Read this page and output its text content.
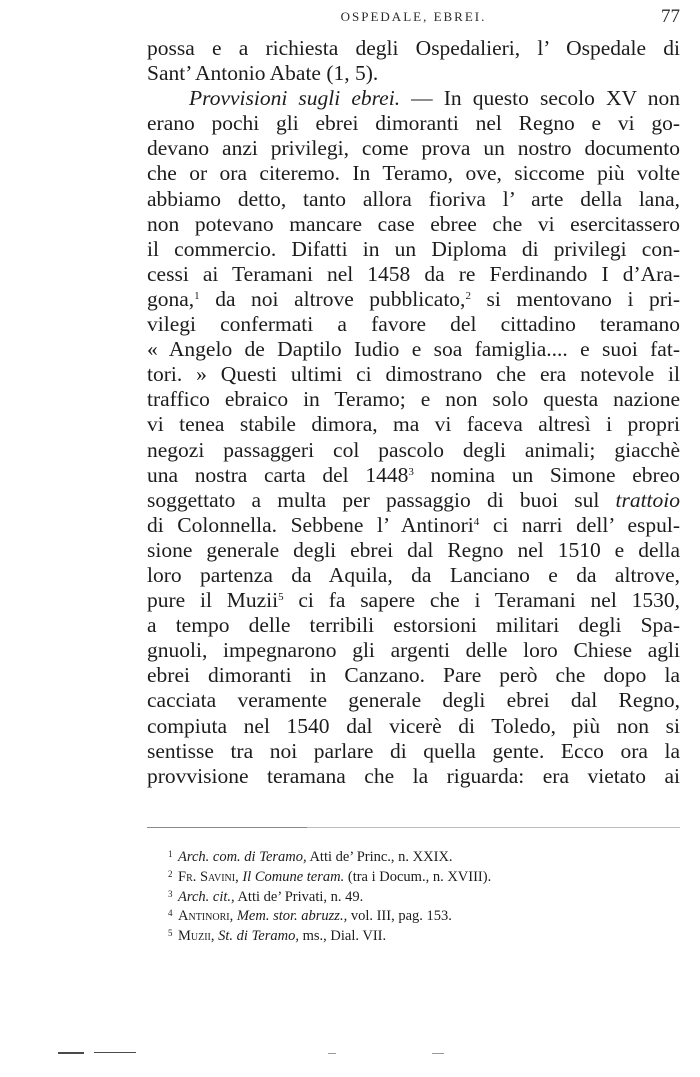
OSPEDALE, EBREI.	77

possa e a richiesta degli Ospedalieri, l’ Ospedale di
Sant’ Antonio Abate (1, 5).

Provvisioni sugli ebrei. — In questo secolo XV non
erano pochi gli ebrei dimoranti nel Regno e vi go-
devano anzi privilegi, come prova un nostro documento
che or ora citeremo. In Teramo, ove, siccome più volte
abbiamo detto, tanto allora fioriva l’ arte della lana,
non potevano mancare case ebree che vi esercitassero
il commercio. Difatti in un Diploma di privilegi con-
cessi ai Teramani nel 1458 da re Ferdinando I d’Ara-
gona,$^1$ da noi altrove pubblicato,$^2$ si mentovano i pri-
vilegi confermati a favore del cittadino teramano
« Angelo de Daptilo Iudio e soa famiglia.... e suoi fat-
tori. » Questi ultimi ci dimostrano che era notevole il
traffico ebraico in Teramo; e non solo questa nazione
vi tenea stabile dimora, ma vi faceva altresì i propri
negozi passaggeri col pascolo degli animali; giacchè
una nostra carta del 1448$^3$ nomina un Simone ebreo
soggettato a multa per passaggio di buoi sul trattoio
di Colonnella. Sebbene l’ Antinori$^4$ ci narri dell’ espul-
sione generale degli ebrei dal Regno nel 1510 e della
loro partenza da Aquila, da Lanciano e da altrove,
pure il Muzii$^5$ ci fa sapere che i Teramani nel 1530,
a tempo delle terribili estorsioni militari degli Spa-
gnuoli, impegnarono gli argenti delle loro Chiese agli
ebrei dimoranti in Canzano. Pare però che dopo la
cacciata veramente generale degli ebrei dal Regno,
compiuta nel 1540 dal vicerè di Toledo, più non si
sentisse tra noi parlare di quella gente. Ecco ora la
provvisione teramana che la riguarda: era vietato ai

1 Arch. com. di Teramo, Atti de’ Princ., n. XXIX.
2 Fr. Savini, Il Comune teram. (tra i Docum., n. XVIII).
3 Arch. cit., Atti de’ Privati, n. 49.
4 Antinori, Mem. stor. abruzz., vol. III, pag. 153.
5 Muzii, St. di Teramo, ms., Dial. VII.
